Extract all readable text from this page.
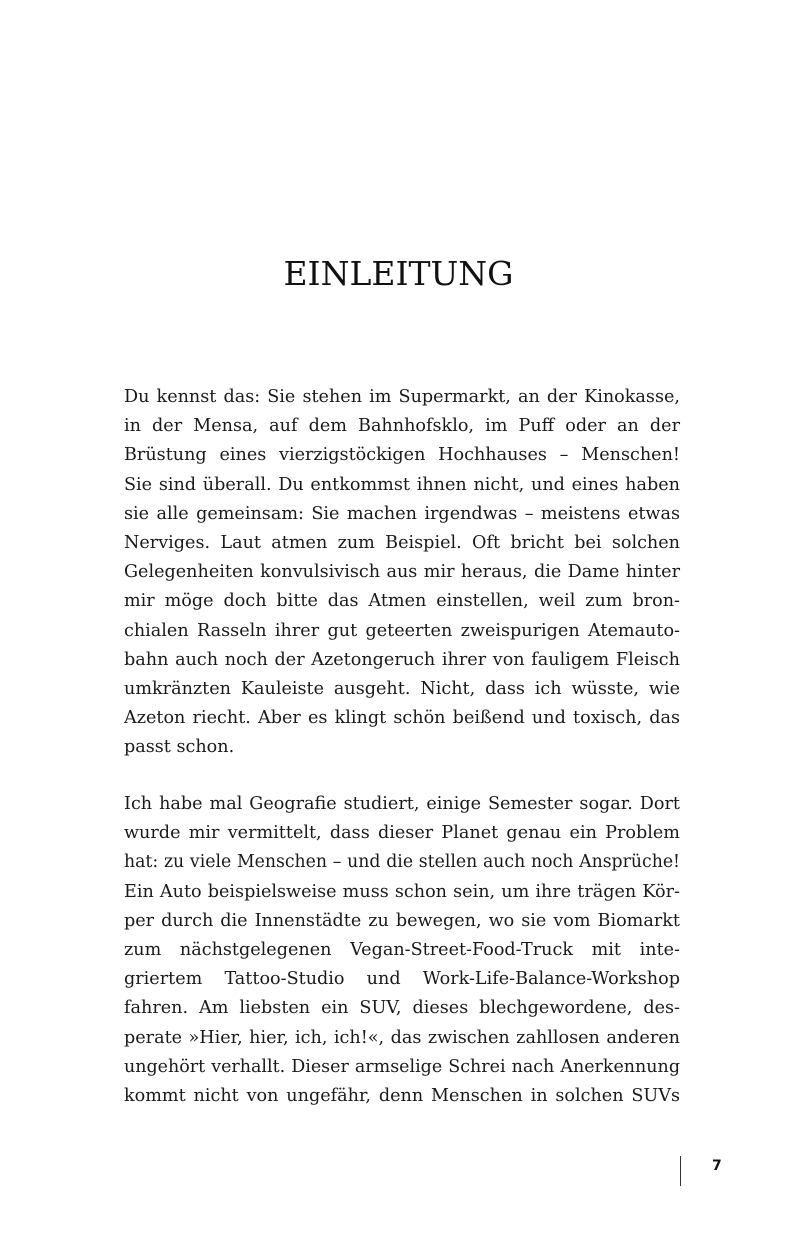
EINLEITUNG

Du kennst das: Sie stehen im Supermarkt, an der Kinokasse,
in der Mensa, auf dem Bahnhofsklo, im Puff oder an der
Brüstung eines vierzigstöckigen Hochhauses – Menschen!
Sie sind überall. Du entkommst ihnen nicht, und eines haben
sie alle gemeinsam: Sie machen irgendwas – meistens etwas
Nerviges. Laut atmen zum Beispiel. Oft bricht bei solchen
Gelegenheiten konvulsivisch aus mir heraus, die Dame hinter
mir möge doch bitte das Atmen einstellen, weil zum bron-
chialen Rasseln ihrer gut geteerten zweispurigen Atemauto-
bahn auch noch der Azetongeruch ihrer von fauligem Fleisch
umkränzten Kauleiste ausgeht. Nicht, dass ich wüsste, wie
Azeton riecht. Aber es klingt schön beißend und toxisch, das
passt schon.

Ich habe mal Geografie studiert, einige Semester sogar. Dort
wurde mir vermittelt, dass dieser Planet genau ein Problem
hat: zu viele Menschen – und die stellen auch noch Ansprüche!
Ein Auto beispielsweise muss schon sein, um ihre trägen Kör-
per durch die Innenstädte zu bewegen, wo sie vom Biomarkt
zum nächstgelegenen Vegan-Street-Food-Truck mit inte-
griertem Tattoo-Studio und Work-Life-Balance-Workshop
fahren. Am liebsten ein SUV, dieses blechgewordene, des-
perate »Hier, hier, ich, ich!«, das zwischen zahllosen anderen
ungehört verhallt. Dieser armselige Schrei nach Anerkennung
kommt nicht von ungefähr, denn Menschen in solchen SUVs

7
